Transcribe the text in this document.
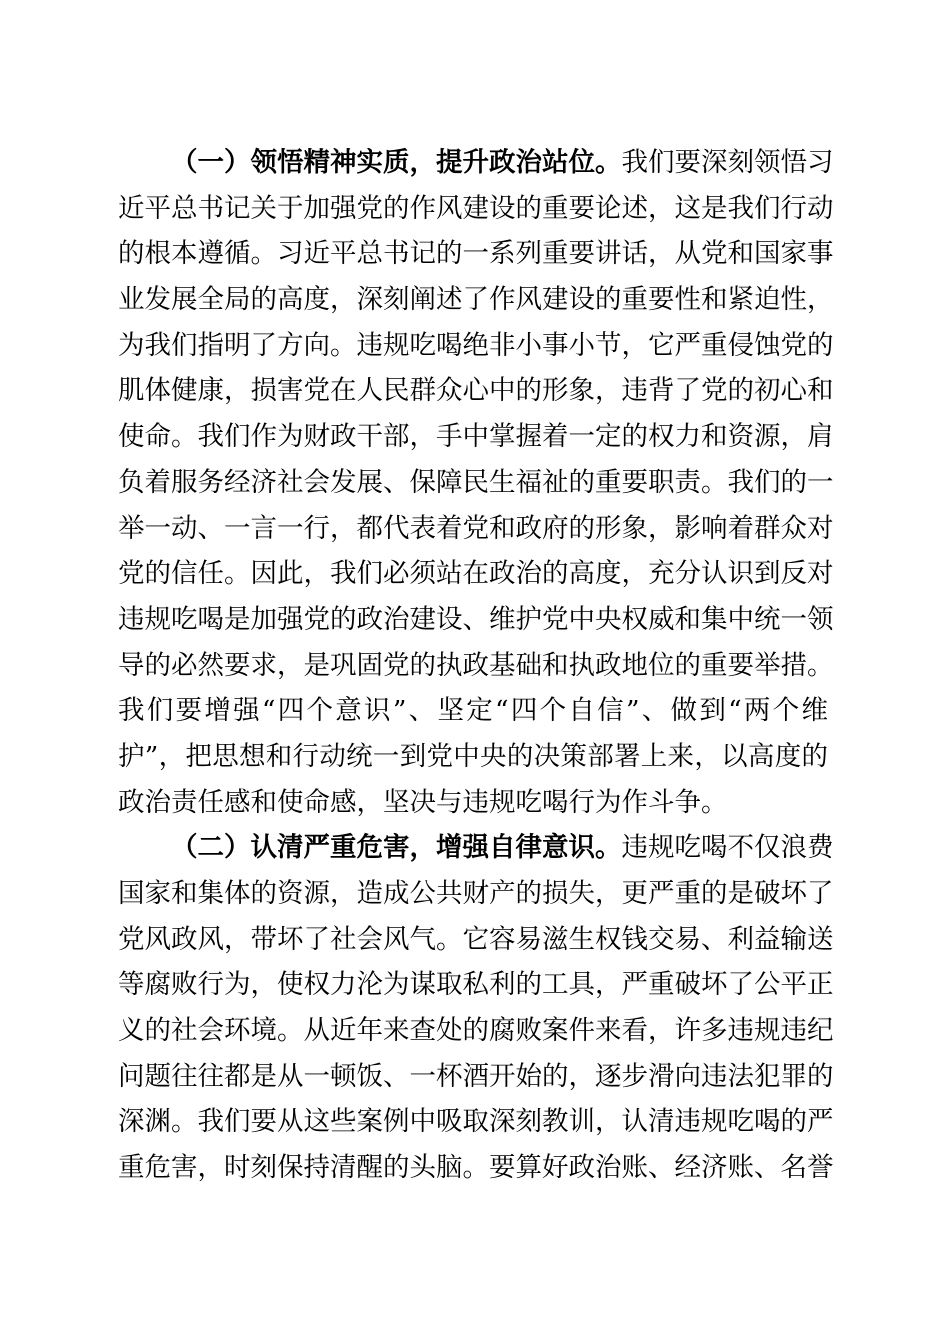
（一）领悟精神实质，提升政治站位。我们要深刻领悟习
近平总书记关于加强党的作风建设的重要论述，这是我们行动
的根本遵循。习近平总书记的一系列重要讲话，从党和国家事
业发展全局的高度，深刻阐述了作风建设的重要性和紧迫性，
为我们指明了方向。违规吃喝绝非小事小节，它严重侵蚀党的
肌体健康，损害党在人民群众心中的形象，违背了党的初心和
使命。我们作为财政干部，手中掌握着一定的权力和资源，肩
负着服务经济社会发展、保障民生福祉的重要职责。我们的一
举一动、一言一行，都代表着党和政府的形象，影响着群众对
党的信任。因此，我们必须站在政治的高度，充分认识到反对
违规吃喝是加强党的政治建设、维护党中央权威和集中统一领
导的必然要求，是巩固党的执政基础和执政地位的重要举措。
我们要增强“四个意识”、坚定“四个自信”、做到“两个维
护”，把思想和行动统一到党中央的决策部署上来，以高度的
政治责任感和使命感，坚决与违规吃喝行为作斗争。
（二）认清严重危害，增强自律意识。违规吃喝不仅浪费
国家和集体的资源，造成公共财产的损失，更严重的是破坏了
党风政风，带坏了社会风气。它容易滋生权钱交易、利益输送
等腐败行为，使权力沦为谋取私利的工具，严重破坏了公平正
义的社会环境。从近年来查处的腐败案件来看，许多违规违纪
问题往往都是从一顿饭、一杯酒开始的，逐步滑向违法犯罪的
深渊。我们要从这些案例中吸取深刻教训，认清违规吃喝的严
重危害，时刻保持清醒的头脑。要算好政治账、经济账、名誉
